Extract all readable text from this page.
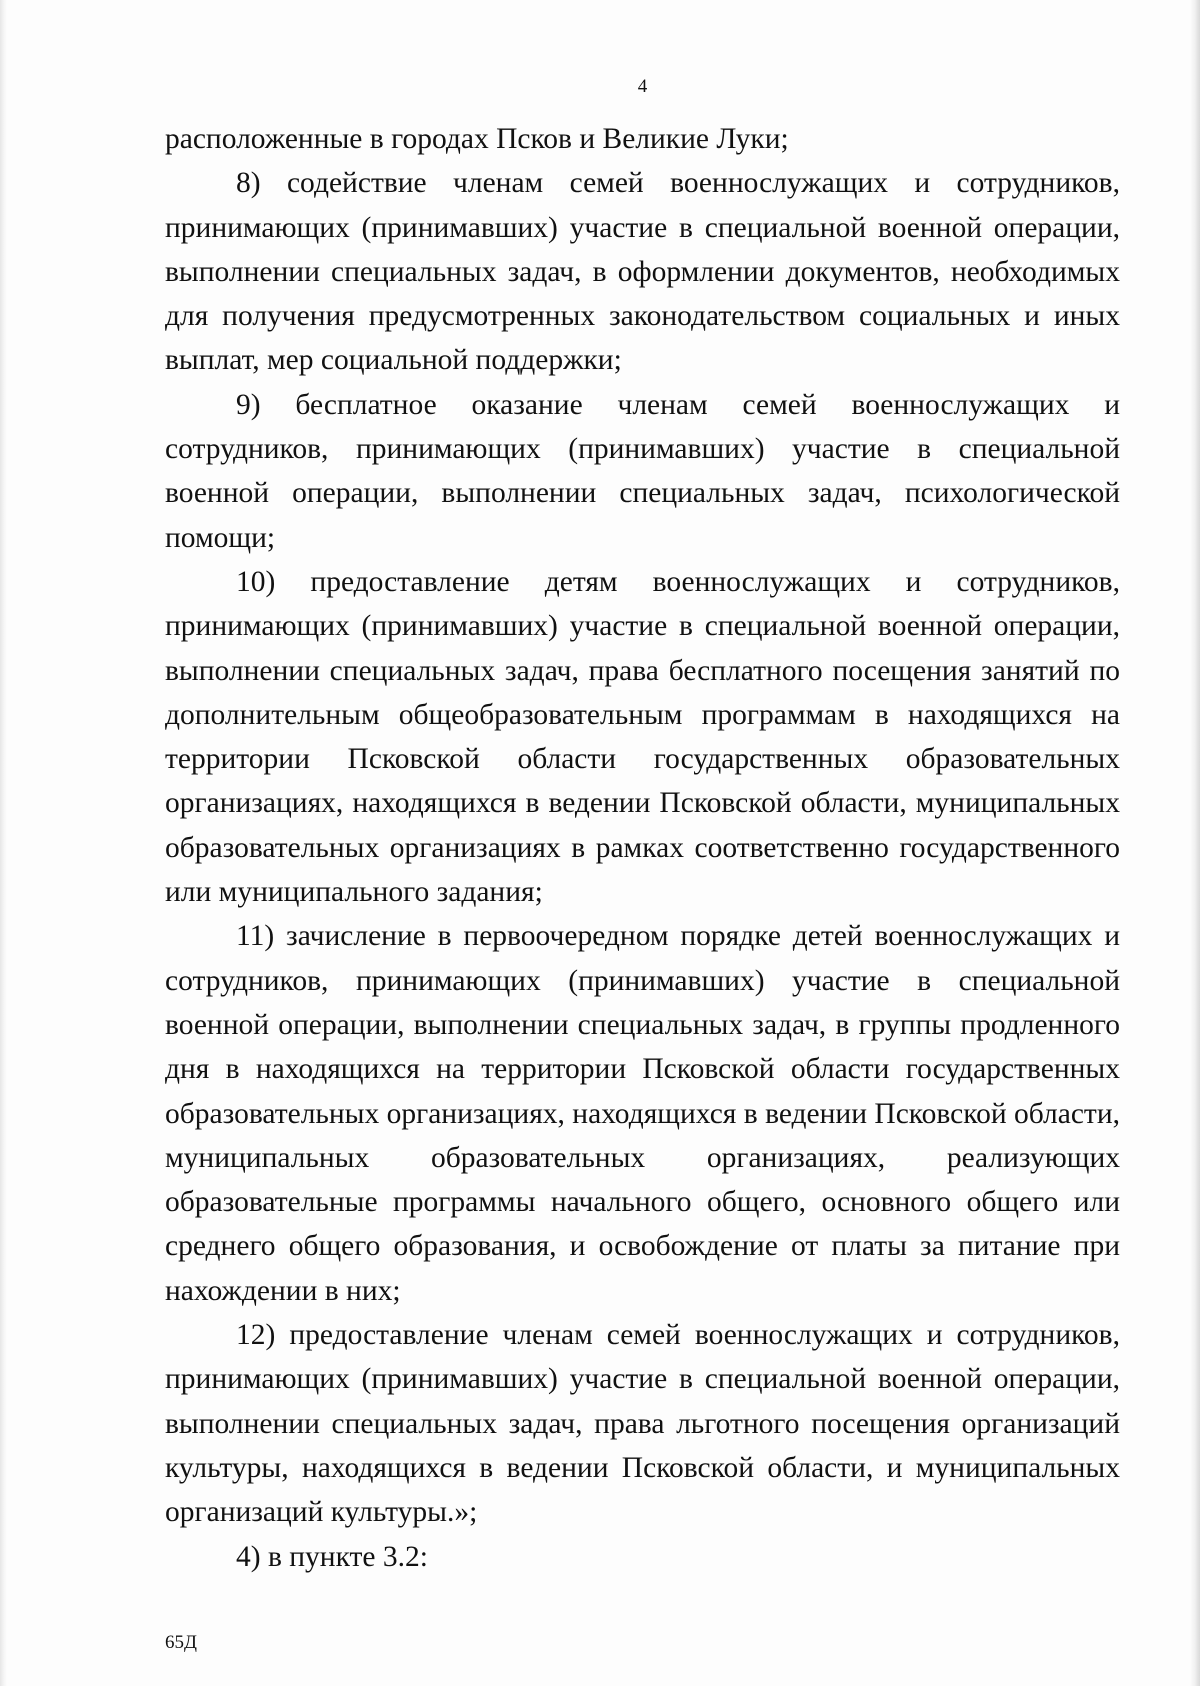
4

расположенные в городах Псков и Великие Луки;

8) содействие членам семей военнослужащих и сотрудников, принимающих (принимавших) участие в специальной военной операции, выполнении специальных задач, в оформлении документов, необходимых для получения предусмотренных законодательством социальных и иных выплат, мер социальной поддержки;

9) бесплатное оказание членам семей военнослужащих и сотрудников, принимающих (принимавших) участие в специальной военной операции, выполнении специальных задач, психологической помощи;

10) предоставление детям военнослужащих и сотрудников, принимающих (принимавших) участие в специальной военной операции, выполнении специальных задач, права бесплатного посещения занятий по дополнительным общеобразовательным программам в находящихся на территории Псковской области государственных образовательных организациях, находящихся в ведении Псковской области, муниципальных образовательных организациях в рамках соответственно государственного или муниципального задания;

11) зачисление в первоочередном порядке детей военнослужащих и сотрудников, принимающих (принимавших) участие в специальной военной операции, выполнении специальных задач, в группы продленного дня в находящихся на территории Псковской области государственных образовательных организациях, находящихся в ведении Псковской области, муниципальных образовательных организациях, реализующих образовательные программы начального общего, основного общего или среднего общего образования, и освобождение от платы за питание при нахождении в них;

12) предоставление членам семей военнослужащих и сотрудников, принимающих (принимавших) участие в специальной военной операции, выполнении специальных задач, права льготного посещения организаций культуры, находящихся в ведении Псковской области, и муниципальных организаций культуры.»;

4) в пункте 3.2:

65Д
